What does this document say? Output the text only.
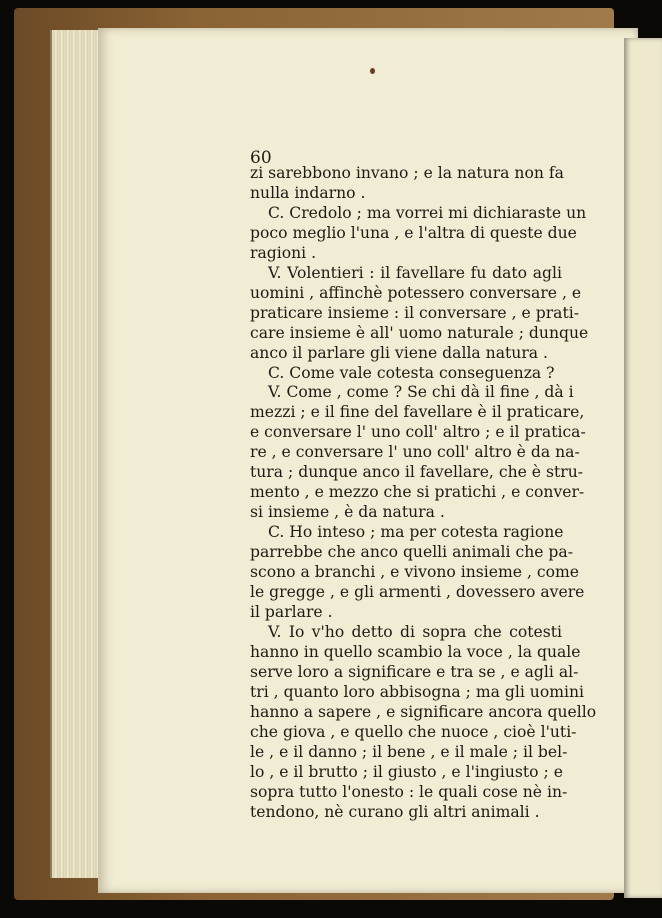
60
zi sarebbono invano ; e la natura non fa
nulla indarno .
C. Credolo ; ma vorrei mi dichiaraste un
poco meglio l'una , e l'altra di queste due
ragioni .
V. Volentieri : il favellare fu dato agli
uomini , affinchè potessero conversare , e
praticare insieme : il conversare , e prati-
care insieme è all' uomo naturale ; dunque
anco il parlare gli viene dalla natura .
C. Come vale cotesta conseguenza ?
V. Come , come ? Se chi dà il fine , dà i
mezzi ; e il fine del favellare è il praticare,
e conversare l' uno coll' altro ; e il pratica-
re , e conversare l' uno coll' altro è da na-
tura ; dunque anco il favellare, che è stru-
mento , e mezzo che si pratichi , e conver-
si insieme , è da natura .
C. Ho inteso ; ma per cotesta ragione
parrebbe che anco quelli animali che pa-
scono a branchi , e vivono insieme , come
le gregge , e gli armenti , dovessero avere
il parlare .
V. Io v'ho detto di sopra che cotesti
hanno in quello scambio la voce , la quale
serve loro a significare e tra se , e agli al-
tri , quanto loro abbisogna ; ma gli uomini
hanno a sapere , e significare ancora quello
che giova , e quello che nuoce , cioè l'uti-
le , e il danno ; il bene , e il male ; il bel-
lo , e il brutto ; il giusto , e l'ingiusto ; e
sopra tutto l'onesto : le quali cose nè in-
tendono, nè curano gli altri animali .
